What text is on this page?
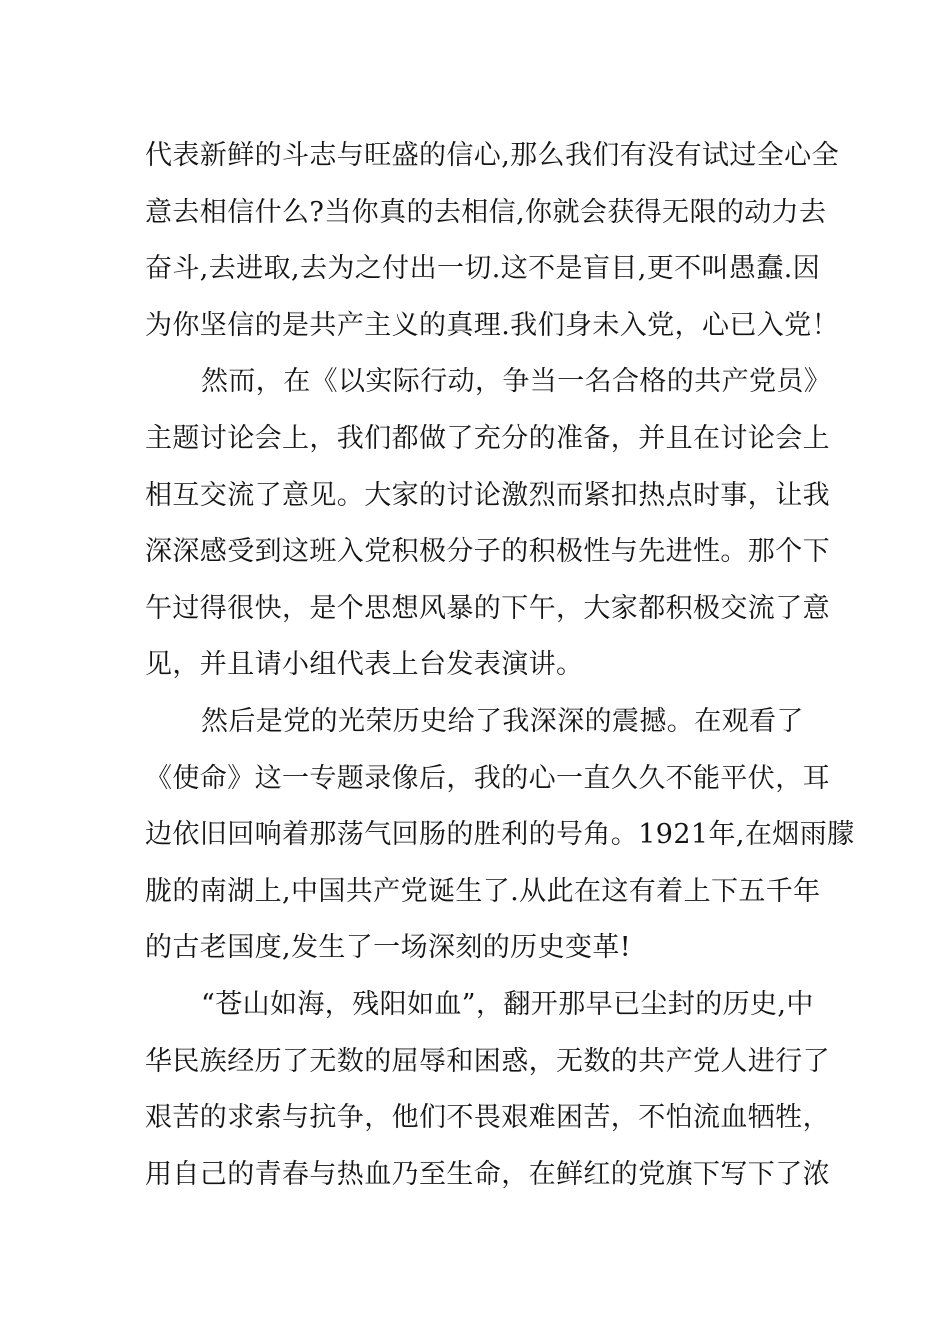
代表新鲜的斗志与旺盛的信心,那么我们有没有试过全心全
意去相信什么?当你真的去相信,你就会获得无限的动力去
奋斗,去进取,去为之付出一切.这不是盲目,更不叫愚蠢.因
为你坚信的是共产主义的真理.我们身未入党，心已入党！
然而，在《以实际行动，争当一名合格的共产党员》
主题讨论会上，我们都做了充分的准备，并且在讨论会上
相互交流了意见。大家的讨论激烈而紧扣热点时事，让我
深深感受到这班入党积极分子的积极性与先进性。那个下
午过得很快，是个思想风暴的下午，大家都积极交流了意
见，并且请小组代表上台发表演讲。
然后是党的光荣历史给了我深深的震撼。在观看了
《使命》这一专题录像后，我的心一直久久不能平伏，耳
边依旧回响着那荡气回肠的胜利的号角。1921年,在烟雨朦
胧的南湖上,中国共产党诞生了.从此在这有着上下五千年
的古老国度,发生了一场深刻的历史变革!
“苍山如海，残阳如血”，翻开那早已尘封的历史,中
华民族经历了无数的屈辱和困惑，无数的共产党人进行了
艰苦的求索与抗争，他们不畏艰难困苦，不怕流血牺牲，
用自己的青春与热血乃至生命，在鲜红的党旗下写下了浓
